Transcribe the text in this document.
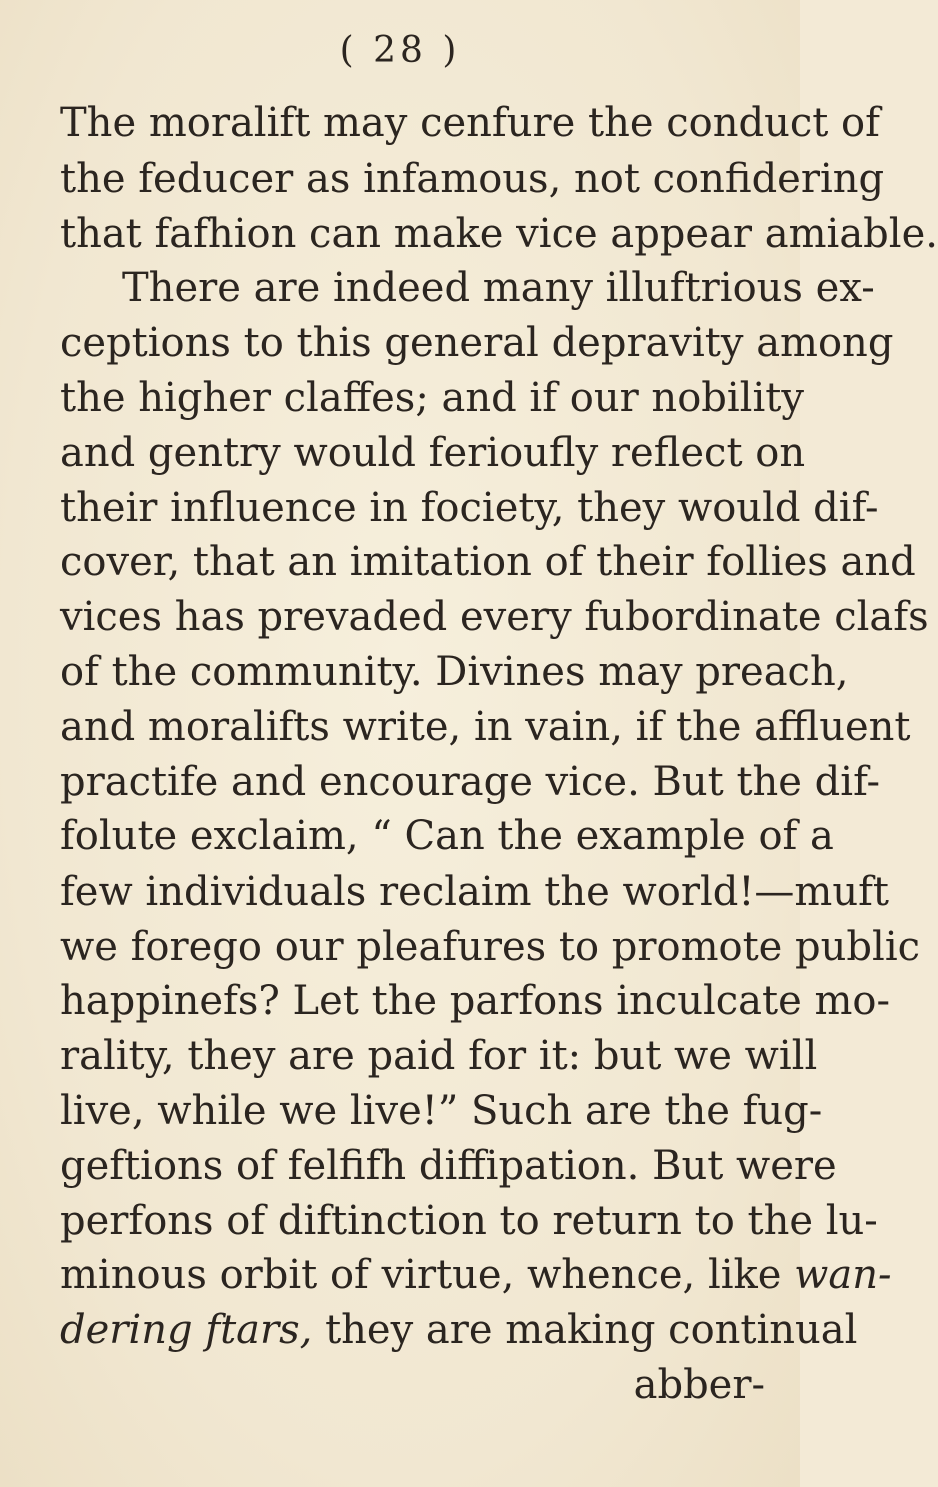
( 28 )
The moralift may cenfure the conduct of
the feducer as infamous, not confidering
that fafhion can make vice appear amiable.
There are indeed many illuftrious ex-
ceptions to this general depravity among
the higher claffes; and if our nobility
and gentry would ferioufly reflect on
their influence in fociety, they would dif-
cover, that an imitation of their follies and
vices has prevaded every fubordinate clafs
of the community. Divines may preach,
and moralifts write, in vain, if the affluent
practife and encourage vice. But the dif-
folute exclaim, “ Can the example of a
few individuals reclaim the world!—muft
we forego our pleafures to promote public
happinefs? Let the parfons inculcate mo-
rality, they are paid for it: but we will
live, while we live!” Such are the fug-
geftions of felfifh diffipation. But were
perfons of diftinction to return to the lu-
minous orbit of virtue, whence, like wan-
dering ftars, they are making continual
abber-
